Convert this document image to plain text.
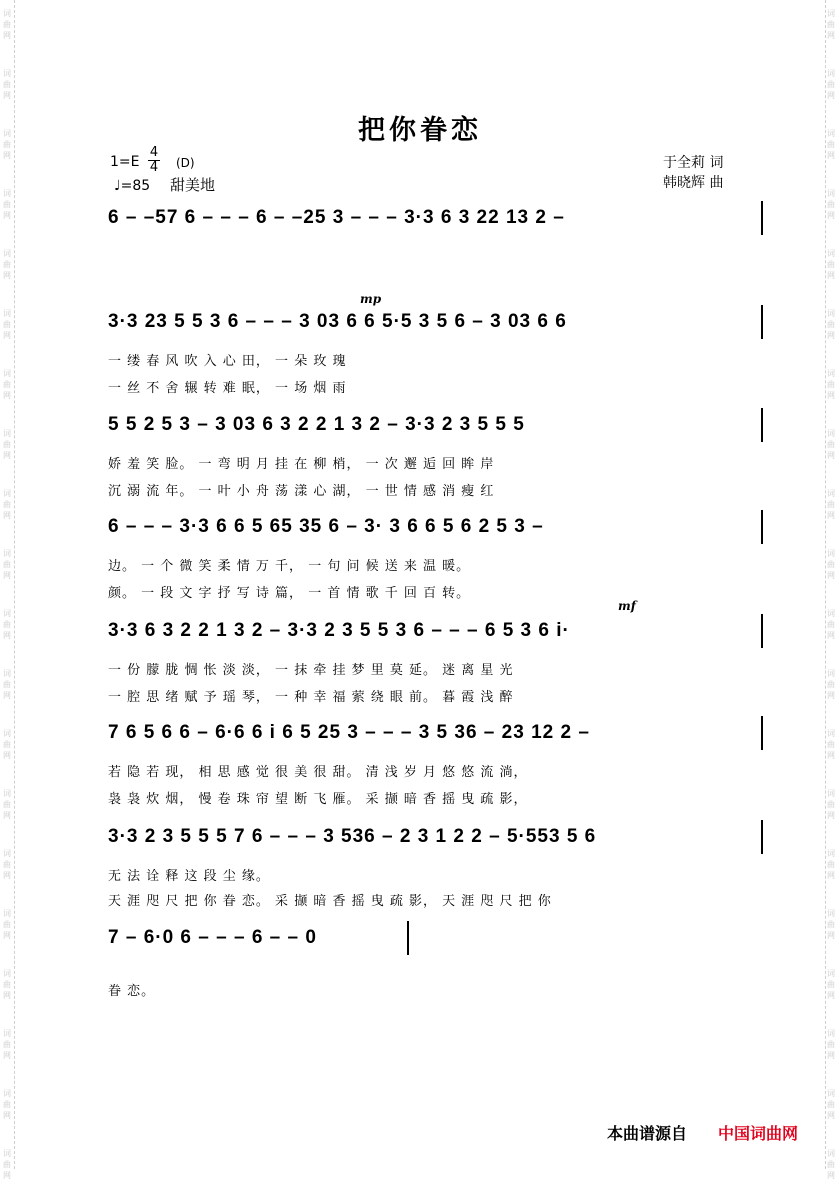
词
曲
网
词
曲
网
词
曲
网
词
曲
网
词
曲
网
词
曲
网
词
曲
网
词
曲
网
词
曲
网
词
曲
网
词
曲
网
词
曲
网
词
曲
网
词
曲
网
词
曲
网
词
曲
网
词
曲
网
词
曲
网
词
曲
网
词
曲
网
词
曲
网
词
曲
网
词
曲
网
词
曲
网
词
曲
网
词
曲
网
词
曲
网
词
曲
网
词
曲
网
词
曲
网
词
曲
网
词
曲
网
词
曲
网
词
曲
网
词
曲
网
词
曲
网
词
曲
网
词
曲
网
词
曲
网
词
曲
网
把你眷恋
1=E
4
4 (D)
♩=85 甜美地
于全莉 词
韩晓辉 曲
mp
mf
6 – –57 6 – – – 6 – –25 3 – – – 3·3 6 3 22 13 2 –
3·3 23 5 5 3 6 – – – 3 03 6 6 5·5 3 5 6 – 3 03 6 6
一 缕 春 风 吹 入 心 田， 一 朵 玫 瑰
一 丝 不 舍 辗 转 难 眠， 一 场 烟 雨
5 5 2 5 3 – 3 03 6 3 2 2 1 3 2 – 3·3 2 3 5 5 5
娇 羞 笑 脸。 一 弯 明 月 挂 在 柳 梢， 一 次 邂 逅 回 眸 岸
沉 溺 流 年。 一 叶 小 舟 荡 漾 心 湖， 一 世 情 感 消 瘦 红
6 – – – 3·3 6 6 5 65 35 6 – 3· 3 6 6 5 6 2 5 3 –
边。 一 个 微 笑 柔 情 万 千， 一 句 问 候 送 来 温 暖。
颜。 一 段 文 字 抒 写 诗 篇， 一 首 情 歌 千 回 百 转。
3·3 6 3 2 2 1 3 2 – 3·3 2 3 5 5 3 6 – – – 6 5 3 6 i·
一 份 朦 胧 惆 怅 淡 淡， 一 抹 牵 挂 梦 里 莫 延。 迷 离 星 光
一 腔 思 绪 赋 予 瑶 琴， 一 种 幸 福 萦 绕 眼 前。 暮 霞 浅 醉
7 6 5 6 6 – 6·6 6 i 6 5 25 3 – – – 3 5 36 – 23 12 2 –
若 隐 若 现， 相 思 感 觉 很 美 很 甜。 清 浅 岁 月 悠 悠 流 淌，
袅 袅 炊 烟， 慢 卷 珠 帘 望 断 飞 雁。 采 撷 暗 香 摇 曳 疏 影，
3·3 2 3 5 5 5 7 6 – – – 3 536 – 2 3 1 2 2 – 5·553 5 6
无 法 诠 释 这 段 尘 缘。
天 涯 咫 尺 把 你 眷 恋。 采 撷 暗 香 摇 曳 疏 影， 天 涯 咫 尺 把 你
7 – 6·0 6 – – – 6 – – 0
眷 恋。
本曲谱源自 中国词曲网
